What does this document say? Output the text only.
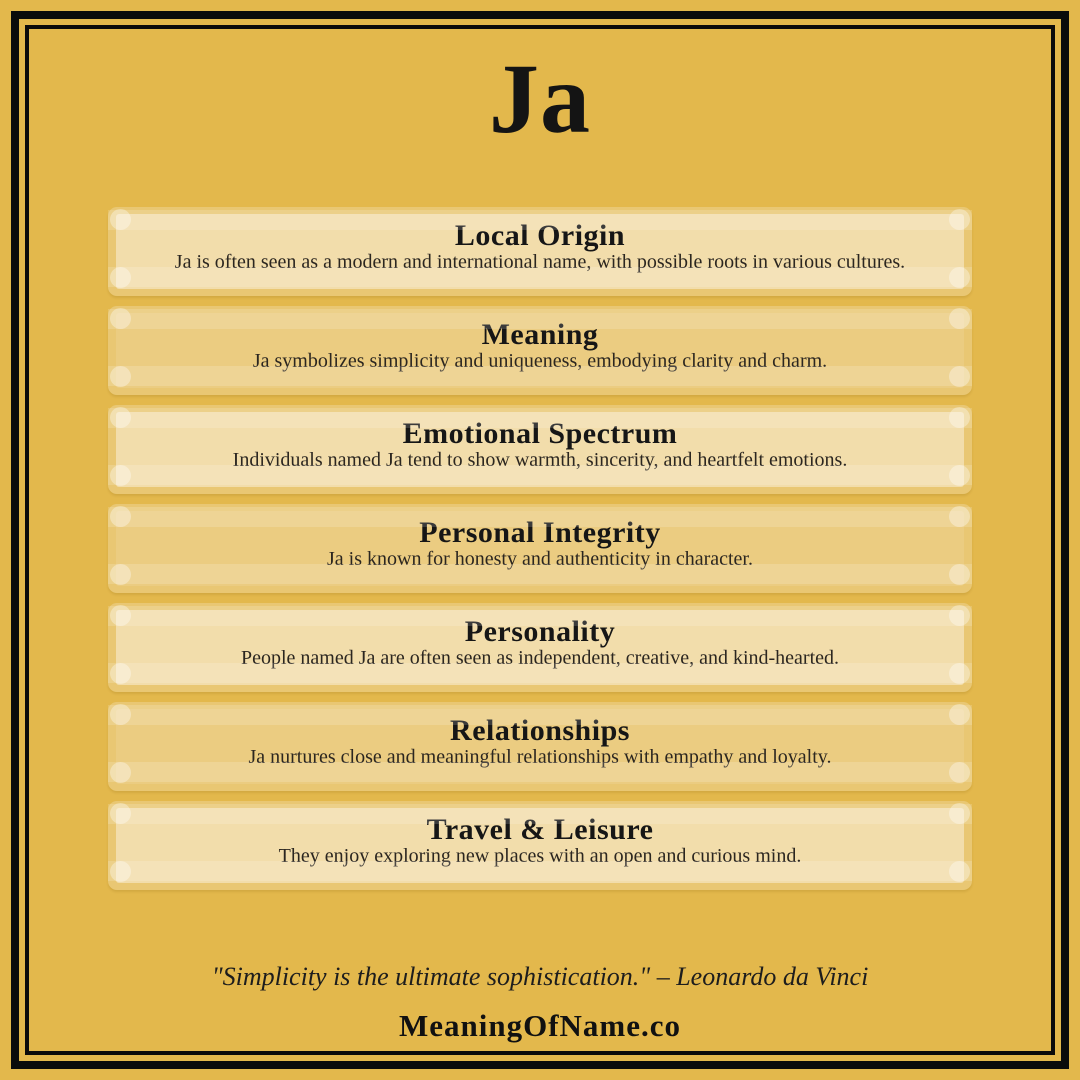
Ja
Local Origin

Ja is often seen as a modern and international name, with possible roots in various cultures.

Meaning

Ja symbolizes simplicity and uniqueness, embodying clarity and charm.

Emotional Spectrum

Individuals named Ja tend to show warmth, sincerity, and heartfelt emotions.

Personal Integrity

Ja is known for honesty and authenticity in character.

Personality

People named Ja are often seen as independent, creative, and kind-hearted.

Relationships

Ja nurtures close and meaningful relationships with empathy and loyalty.

Travel & Leisure

They enjoy exploring new places with an open and curious mind.

"Simplicity is the ultimate sophistication." – Leonardo da Vinci

MeaningOfName.co
